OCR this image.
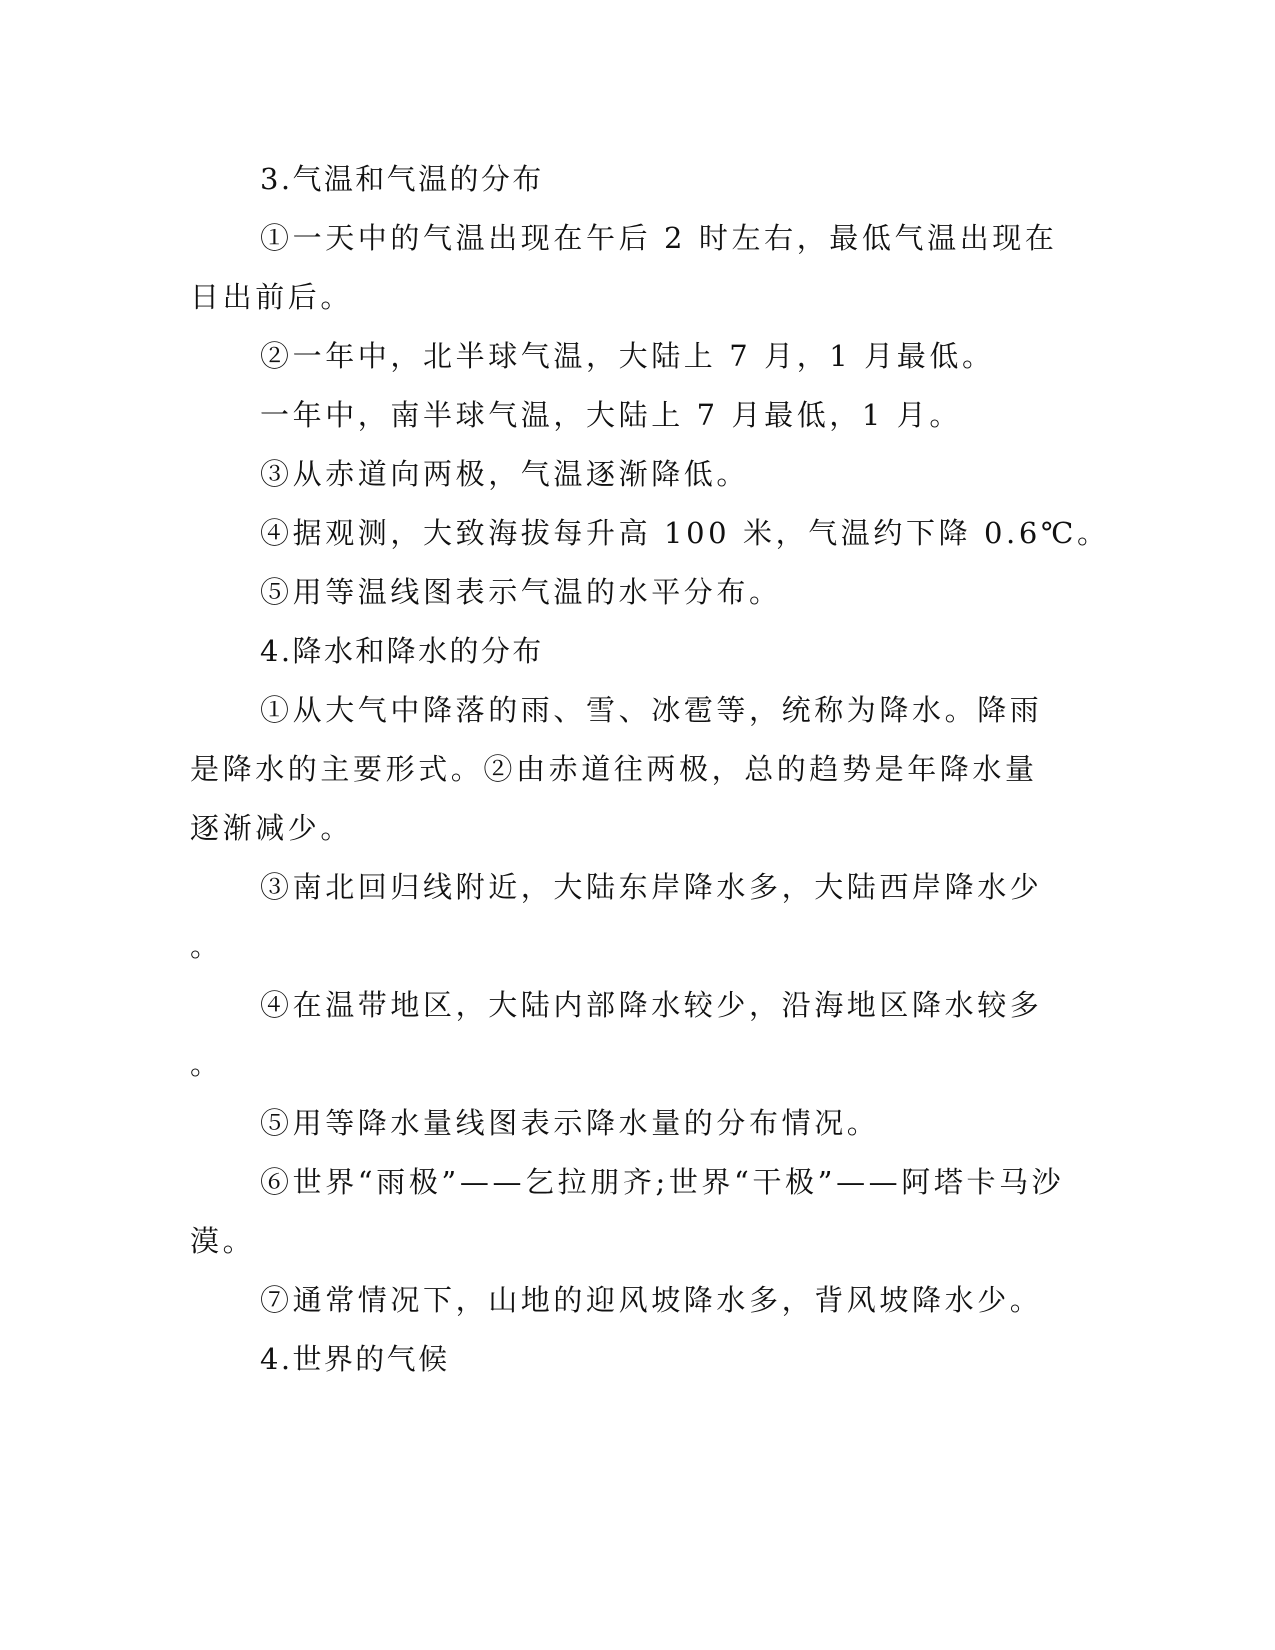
3.气温和气温的分布
①一天中的气温出现在午后 2 时左右，最低气温出现在
日出前后。
②一年中，北半球气温，大陆上 7 月，1 月最低。
一年中，南半球气温，大陆上 7 月最低，1 月。
③从赤道向两极，气温逐渐降低。
④据观测，大致海拔每升高 100 米，气温约下降 0.6℃。
⑤用等温线图表示气温的水平分布。
4.降水和降水的分布
①从大气中降落的雨、雪、冰雹等，统称为降水。降雨
是降水的主要形式。②由赤道往两极，总的趋势是年降水量
逐渐减少。
③南北回归线附近，大陆东岸降水多，大陆西岸降水少
。
④在温带地区，大陆内部降水较少，沿海地区降水较多
。
⑤用等降水量线图表示降水量的分布情况。
⑥世界“雨极”——乞拉朋齐;世界“干极”——阿塔卡马沙
漠。
⑦通常情况下，山地的迎风坡降水多，背风坡降水少。
4.世界的气候
